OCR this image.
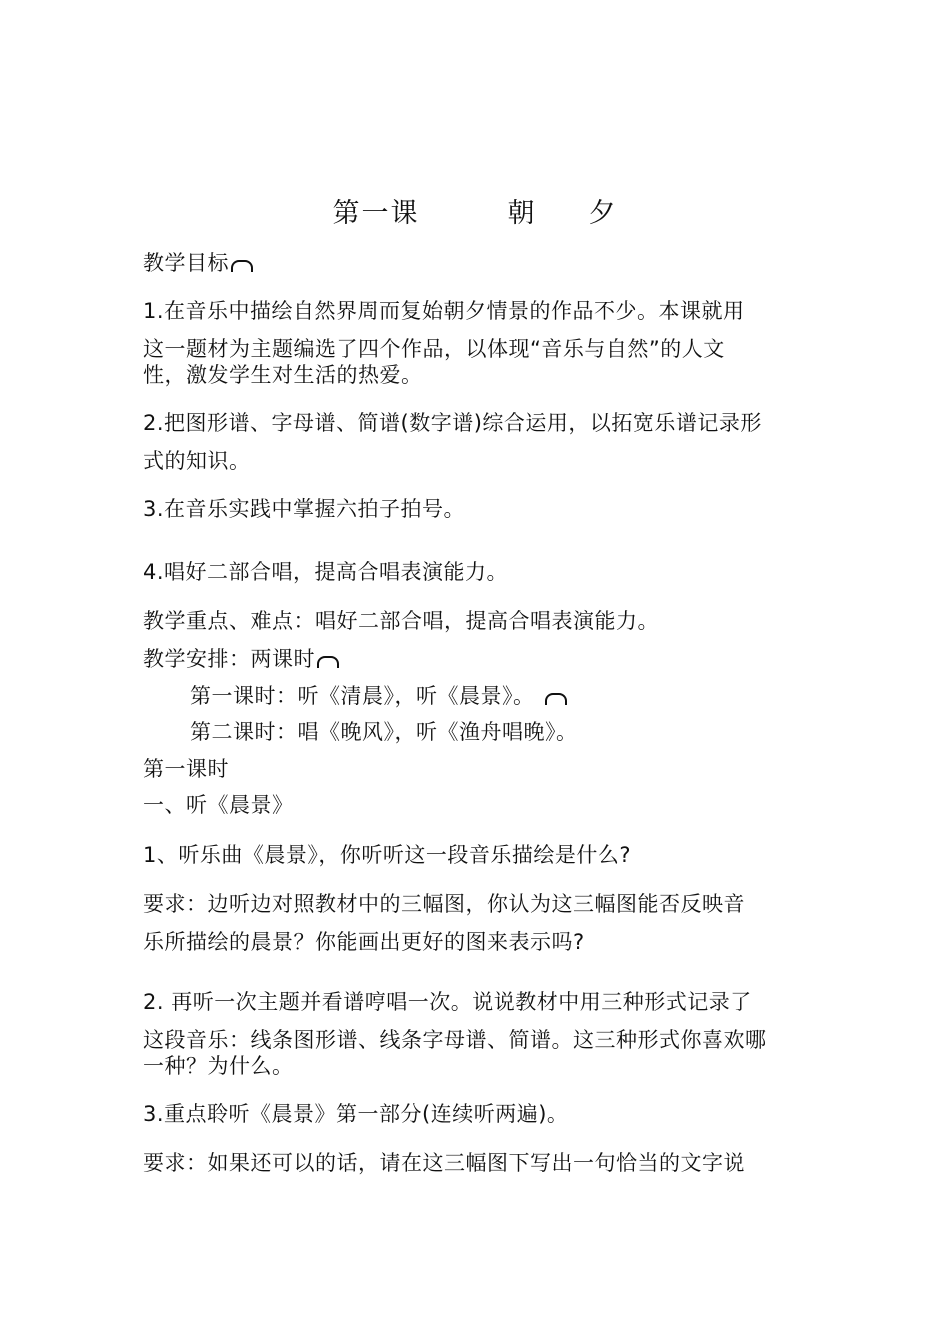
第一课	朝 夕
教学目标
1.在音乐中描绘自然界周而复始朝夕情景的作品不少。本课就用
这一题材为主题编选了四个作品，以体现“音乐与自然”的人文
性，激发学生对生活的热爱。
2.把图形谱、字母谱、简谱(数字谱)综合运用，以拓宽乐谱记录形
式的知识。
3.在音乐实践中掌握六拍子拍号。
4.唱好二部合唱，提高合唱表演能力。
教学重点、难点：唱好二部合唱，提高合唱表演能力。
教学安排：两课时
第一课时：听《清晨》，听《晨景》。
第二课时：唱《晚风》，听《渔舟唱晚》。
第一课时
一、听《晨景》
1、听乐曲《晨景》，你听听这一段音乐描绘是什么?
要求：边听边对照教材中的三幅图，你认为这三幅图能否反映音
乐所描绘的晨景？你能画出更好的图来表示吗?
2. 再听一次主题并看谱哼唱一次。说说教材中用三种形式记录了
这段音乐：线条图形谱、线条字母谱、简谱。这三种形式你喜欢哪
一种？为什么。
3.重点聆听《晨景》第一部分(连续听两遍)。
要求：如果还可以的话，请在这三幅图下写出一句恰当的文字说
